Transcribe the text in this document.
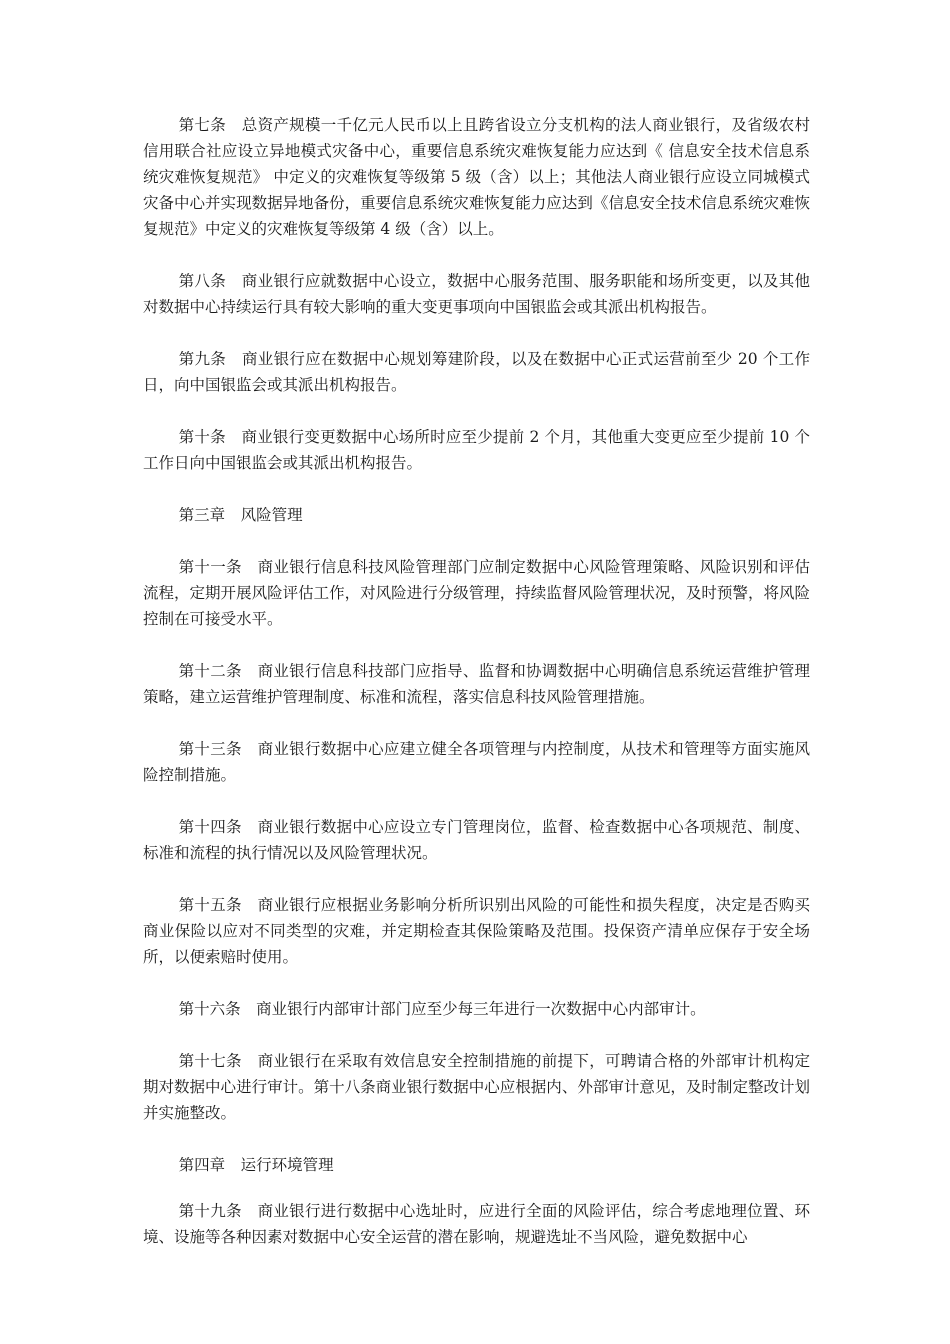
第七条　总资产规模一千亿元人民币以上且跨省设立分支机构的法人商业银行，及省级农村信用联合社应设立异地模式灾备中心，重要信息系统灾难恢复能力应达到《 信息安全技术信息系统灾难恢复规范》 中定义的灾难恢复等级第 5 级（含）以上；其他法人商业银行应设立同城模式灾备中心并实现数据异地备份，重要信息系统灾难恢复能力应达到《信息安全技术信息系统灾难恢复规范》中定义的灾难恢复等级第 4 级（含）以上。

第八条　商业银行应就数据中心设立，数据中心服务范围、服务职能和场所变更，以及其他对数据中心持续运行具有较大影响的重大变更事项向中国银监会或其派出机构报告。

第九条　商业银行应在数据中心规划筹建阶段，以及在数据中心正式运营前至少 20 个工作日，向中国银监会或其派出机构报告。

第十条　商业银行变更数据中心场所时应至少提前 2 个月，其他重大变更应至少提前 10 个工作日向中国银监会或其派出机构报告。

第三章　风险管理

第十一条　商业银行信息科技风险管理部门应制定数据中心风险管理策略、风险识别和评估流程，定期开展风险评估工作，对风险进行分级管理，持续监督风险管理状况，及时预警，将风险控制在可接受水平。

第十二条　商业银行信息科技部门应指导、监督和协调数据中心明确信息系统运营维护管理策略，建立运营维护管理制度、标准和流程，落实信息科技风险管理措施。

第十三条　商业银行数据中心应建立健全各项管理与内控制度，从技术和管理等方面实施风险控制措施。

第十四条　商业银行数据中心应设立专门管理岗位，监督、检查数据中心各项规范、制度、标准和流程的执行情况以及风险管理状况。

第十五条　商业银行应根据业务影响分析所识别出风险的可能性和损失程度，决定是否购买商业保险以应对不同类型的灾难，并定期检查其保险策略及范围。投保资产清单应保存于安全场所，以便索赔时使用。

第十六条　商业银行内部审计部门应至少每三年进行一次数据中心内部审计。

第十七条　商业银行在采取有效信息安全控制措施的前提下，可聘请合格的外部审计机构定期对数据中心进行审计。第十八条商业银行数据中心应根据内、外部审计意见，及时制定整改计划并实施整改。

第四章　运行环境管理

第十九条　商业银行进行数据中心选址时，应进行全面的风险评估，综合考虑地理位置、环境、设施等各种因素对数据中心安全运营的潜在影响，规避选址不当风险，避免数据中心
